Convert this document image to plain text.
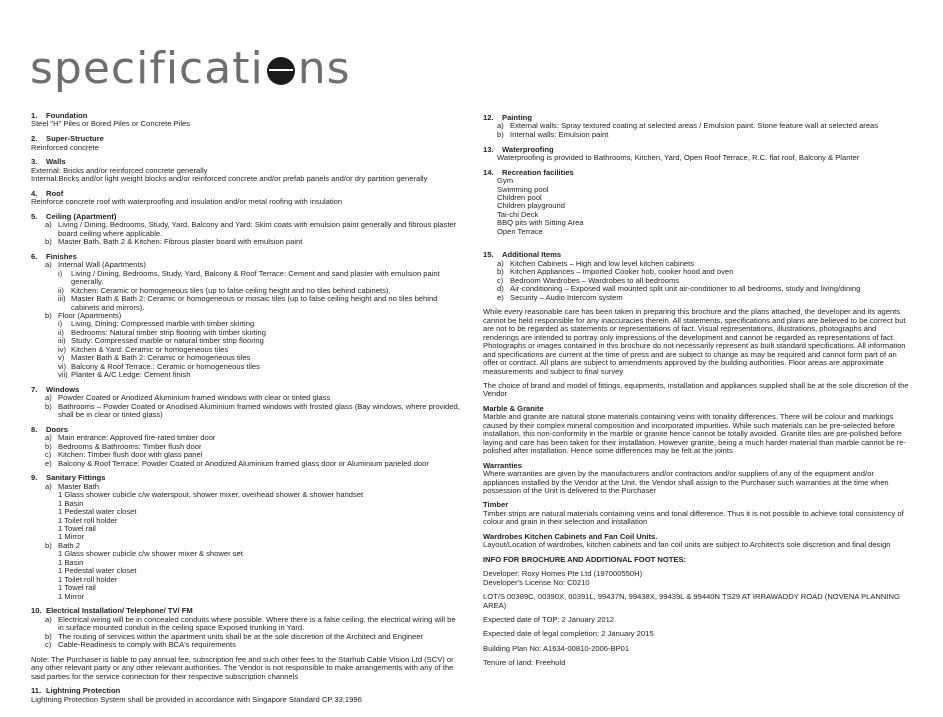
specificati ns
1. Foundation
Steel "H" Piles or Bored Piles or Concrete Piles
2. Super-Structure
Reinforced concrete
3. Walls
External: Bricks and/or reinforced concrete generally
Internal:Bricks and/or light weight blocks and/or reinforced concrete and/or prefab panels and/or dry partition generally
4. Roof
Reinforce concrete roof with waterproofing and insulation and/or metal roofing with insulation
5. Ceiling (Apartment)
a) Living / Dining, Bedrooms, Study, Yard, Balcony and Yard: Skim coats with emulsion paint generally and fibrous plaster board ceiling where applicable.
b) Master Bath, Bath 2 & Kitchen: Fibrous plaster board with emulsion paint
6. Finishes
a) Internal Wall (Apartments)
i)	Living / Dining, Bedrooms, Study, Yard, Balcony & Roof Terrace: Cement and sand plaster with emulsion paint generally.
ii) Kitchen: Ceramic or homogeneous tiles (up to false ceiling height and no tiles behind cabinets).
iii) Master Bath & Bath 2: Ceramic or homogeneous or mosaic tiles (up to false ceiling height and no tiles behind cabinets and mirrors).
b) Floor (Apartments)
i)	Living, Dining: Compressed marble with timber skirting
ii) Bedrooms: Natural timber strip flooring with timber skirting
iii) Study: Compressed marble or natural timber strip flooring
iv) Kitchen & Yard: Ceramic or homogeneous tiles
v) Master Bath & Bath 2: Ceramic or homogeneous tiles
vi) Balcony & Roof Terrace.: Ceramic or homogeneous tiles
vii) Planter & A/C Ledge: Cement finish
7. Windows
a) Powder Coated or Anodized Aluminium framed windows with clear or tinted glass
b) Bathrooms – Powder Coated or Anodised Aluminium framed windows with frosted glass (Bay windows, where provided, shall be in clear or tinted glass)
8. Doors
a) Main entrance: Approved fire-rated timber door
b) Bedrooms & Bathrooms: Timber flush door
c) Kitchen: Timber flush door with glass panel
e) Balcony & Roof Terrace: Powder Coated or Anodized Aluminium framed glass door or Aluminium paneled door
9. Sanitary Fittings
a) Master Bath
1 Glass shower cubicle c/w waterspout, shower mixer, overhead shower & shower handset
1 Basin
1 Pedestal water closet
1 Toilet roll holder
1 Towel rail
1 Mirror
b) Bath 2
1 Glass shower cubicle c/w shower mixer & shower set
1 Basin
1 Pedestal water closet
1 Toilet roll holder
1 Towel rail
1 Mirror
10. Electrical Installation/ Telephone/ TV/ FM
a) Electrical wiring will be in concealed conduits where possible. Where there is a false ceiling, the electrical wiring will be in surface mounted conduit in the ceiling space Exposed trunking in Yard.
b) The routing of services within the apartment units shall be at the sole discretion of the Architect and Engineer
c) Cable-Readiness to comply with BCA's requirements
Note: The Purchaser is liable to pay annual fee, subscription fee and such other fees to the Starhub Cable Vision Ltd (SCV) or any other relevant party or any other relevant authorities. The Vendor is not responsible to make arrangements with any of the said parties for the service connection for their respective subscription channels
11. Lightning Protection
Lightning Protection System shall be provided in accordance with Singapore Standard CP 33:1996
12. Painting
a) External walls: Spray textured coating at selected areas / Emulsion paint. Stone feature wall at selected areas
b) Internal walls: Emulsion paint
13. Waterproofing
Waterproofing is provided to Bathrooms, Kitchen, Yard, Open Roof Terrace, R.C. flat roof, Balcony & Planter
14. Recreation facilities
Gym
Swimming pool
Children pool
Children playground
Tai-chi Deck
BBQ pits with Sitting Area
Open Terrace
15. Additional Items
a) Kitchen Cabinets – High and low level kitchen cabinets
b) Kitchen Appliances – Imported Cooker hob, cooker hood and oven
c) Bedroom Wardrobes – Wardrobes to all bedrooms
d) Air-conditioning – Exposed wall mounted split unit air-conditioner to all bedrooms, study and living/dining
e) Security – Audio Intercom system
While every reasonable care has been taken in preparing this brochure and the plans attached, the developer and its agents cannot be held responsible for any inaccuracies therein. All statements, specifications and plans are believed to be correct but are not to be regarded as statements or representations of fact. Visual representations, illustrations, photographs and renderings are intended to portray only impressions of the development and cannot be regarded as representations of fact. Photographs or images contained in this brochure do not necessarily represent as built standard specifications. All information and specifications are current at the time of press and are subject to change as may be required and cannot form part of an offer or contract. All plans are subject to amendments approved by the building authorities. Floor areas are approximate measurements and subject to final survey
The choice of brand and model of fittings, equipments, installation and appliances supplied shall be at the sole discretion of the Vendor
Marble & Granite
Marble and granite are natural stone materials containing veins with tonality differences. There will be colour and markings caused by their complex mineral composition and incorporated impurities. While such materials can be pre-selected before installation, this non-conformity in the marble or granite hence cannot be totally avoided. Granite tiles are pre-polished before laying and care has been taken for their installation. However granite, being a much harder material than marble cannot be re-polished after installation. Hence some differences may be felt at the joints
Warranties
Where warranties are given by the manufacturers and/or contractors and/or suppliers of any of the equipment and/or appliances installed by the Vendor at the Unit, the Vendor shall assign to the Purchaser such warranties at the time when possession of the Unit is delivered to the Purchaser
Timber
Timber strips are natural materials containing veins and tonal difference. Thus it is not possible to achieve total consistency of colour and grain in their selection and installation
Wardrobes Kitchen Cabinets and Fan Coil Units.
Layout/Location of wardrobes, kitchen cabinets and fan coil units are subject to Architect's sole discretion and final design
INFO FOR BROCHURE AND ADDITIONAL FOOT NOTES:
Developer: Roxy Homes Pte Ltd (197000550H)
Developer's License No: C0210
LOT/S 00389C, 00390X, 00391L, 99437N, 99438X, 99439L & 99440N TS29 AT IRRAWADDY ROAD (NOVENA PLANNING AREA)
Expected date of TOP: 2 January 2012
Expected date of legal completion: 2 January 2015
Building Plan No: A1634-00810-2006-BP01
Tenure of land: Freehold
